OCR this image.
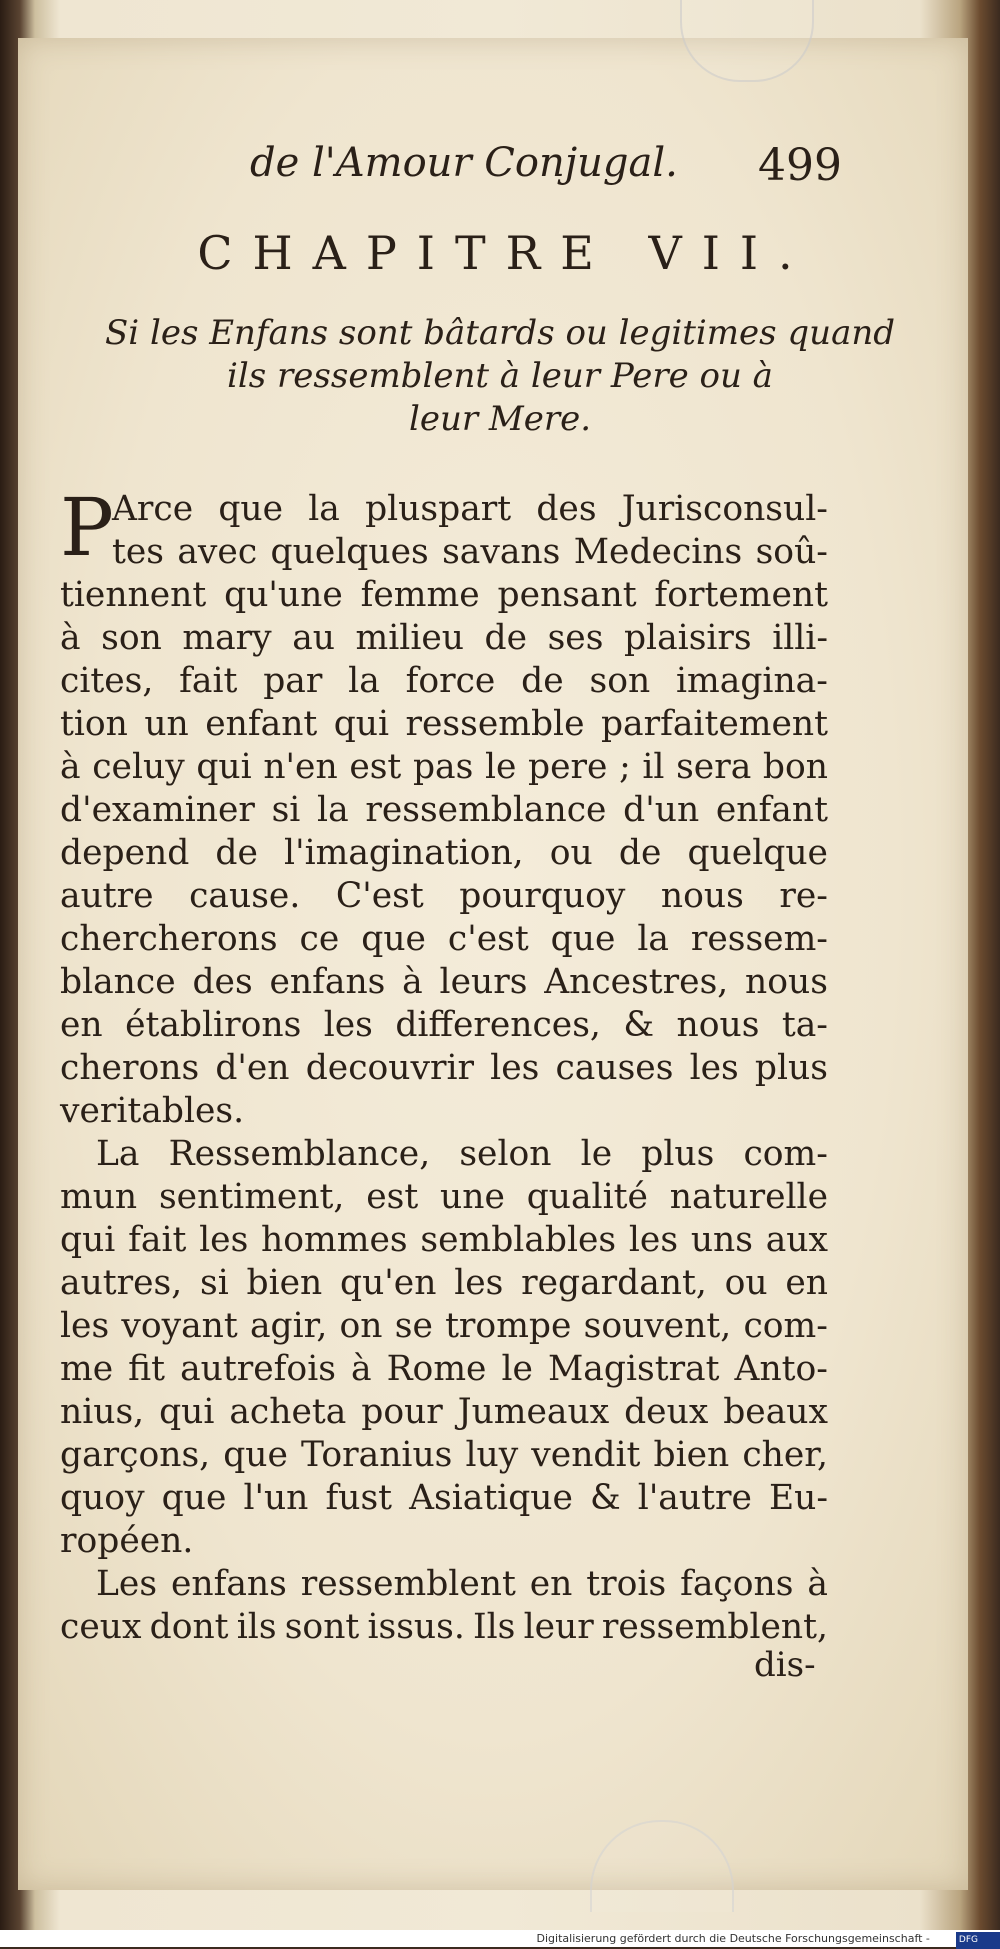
de l'Amour Conjugal. 499
CHAPITRE VII.
Si les Enfans sont bâtards ou legitimes quand
ils ressemblent à leur Pere ou à
leur Mere.
P
Arce que la pluspart des Jurisconsul-
tes avec quelques savans Medecins soû-
tiennent qu'une femme pensant fortement
à son mary au milieu de ses plaisirs illi-
cites, fait par la force de son imagina-
tion un enfant qui ressemble parfaitement
à celuy qui n'en est pas le pere ; il sera bon
d'examiner si la ressemblance d'un enfant
depend de l'imagination, ou de quelque
autre cause. C'est pourquoy nous re-
chercherons ce que c'est que la ressem-
blance des enfans à leurs Ancestres, nous
en établirons les differences, & nous ta-
cherons d'en decouvrir les causes les plus
veritables.
La Ressemblance, selon le plus com-
mun sentiment, est une qualité naturelle
qui fait les hommes semblables les uns aux
autres, si bien qu'en les regardant, ou en
les voyant agir, on se trompe souvent, com-
me fit autrefois à Rome le Magistrat Anto-
nius, qui acheta pour Jumeaux deux beaux
garçons, que Toranius luy vendit bien cher,
quoy que l'un fust Asiatique & l'autre Eu-
ropéen.
Les enfans ressemblent en trois façons à
ceux dont ils sont issus. Ils leur ressemblent,
dis-
Digitalisierung gefördert durch die Deutsche Forschungsgemeinschaft -	DFG
